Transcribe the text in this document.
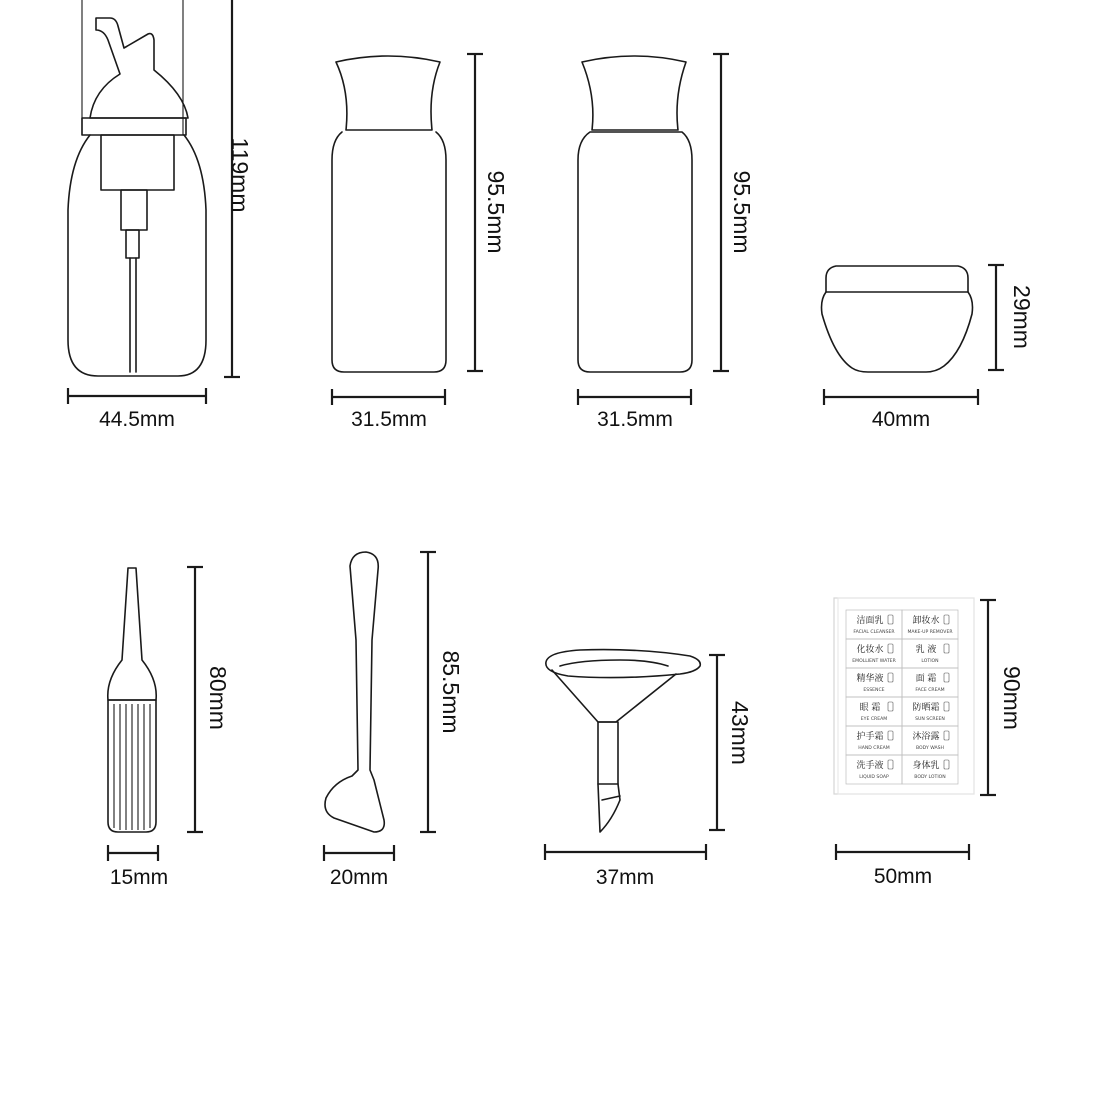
119mm
44.5mm
95.5mm
31.5mm
95.5mm
31.5mm
29mm
40mm
80mm
15mm
85.5mm
20mm
43mm
37mm
洁面乳
FACIAL CLEANSER
卸妆水
MAKE-UP REMOVER
化妆水
EMOLLIENT WATER
乳 液
LOTION
精华液
ESSENCE
面 霜
FACE CREAM
眼 霜
EYE CREAM
防晒霜
SUN SCREEN
护手霜
HAND CREAM
沐浴露
BODY WASH
洗手液
LIQUID SOAP
身体乳
BODY LOTION
90mm
50mm
